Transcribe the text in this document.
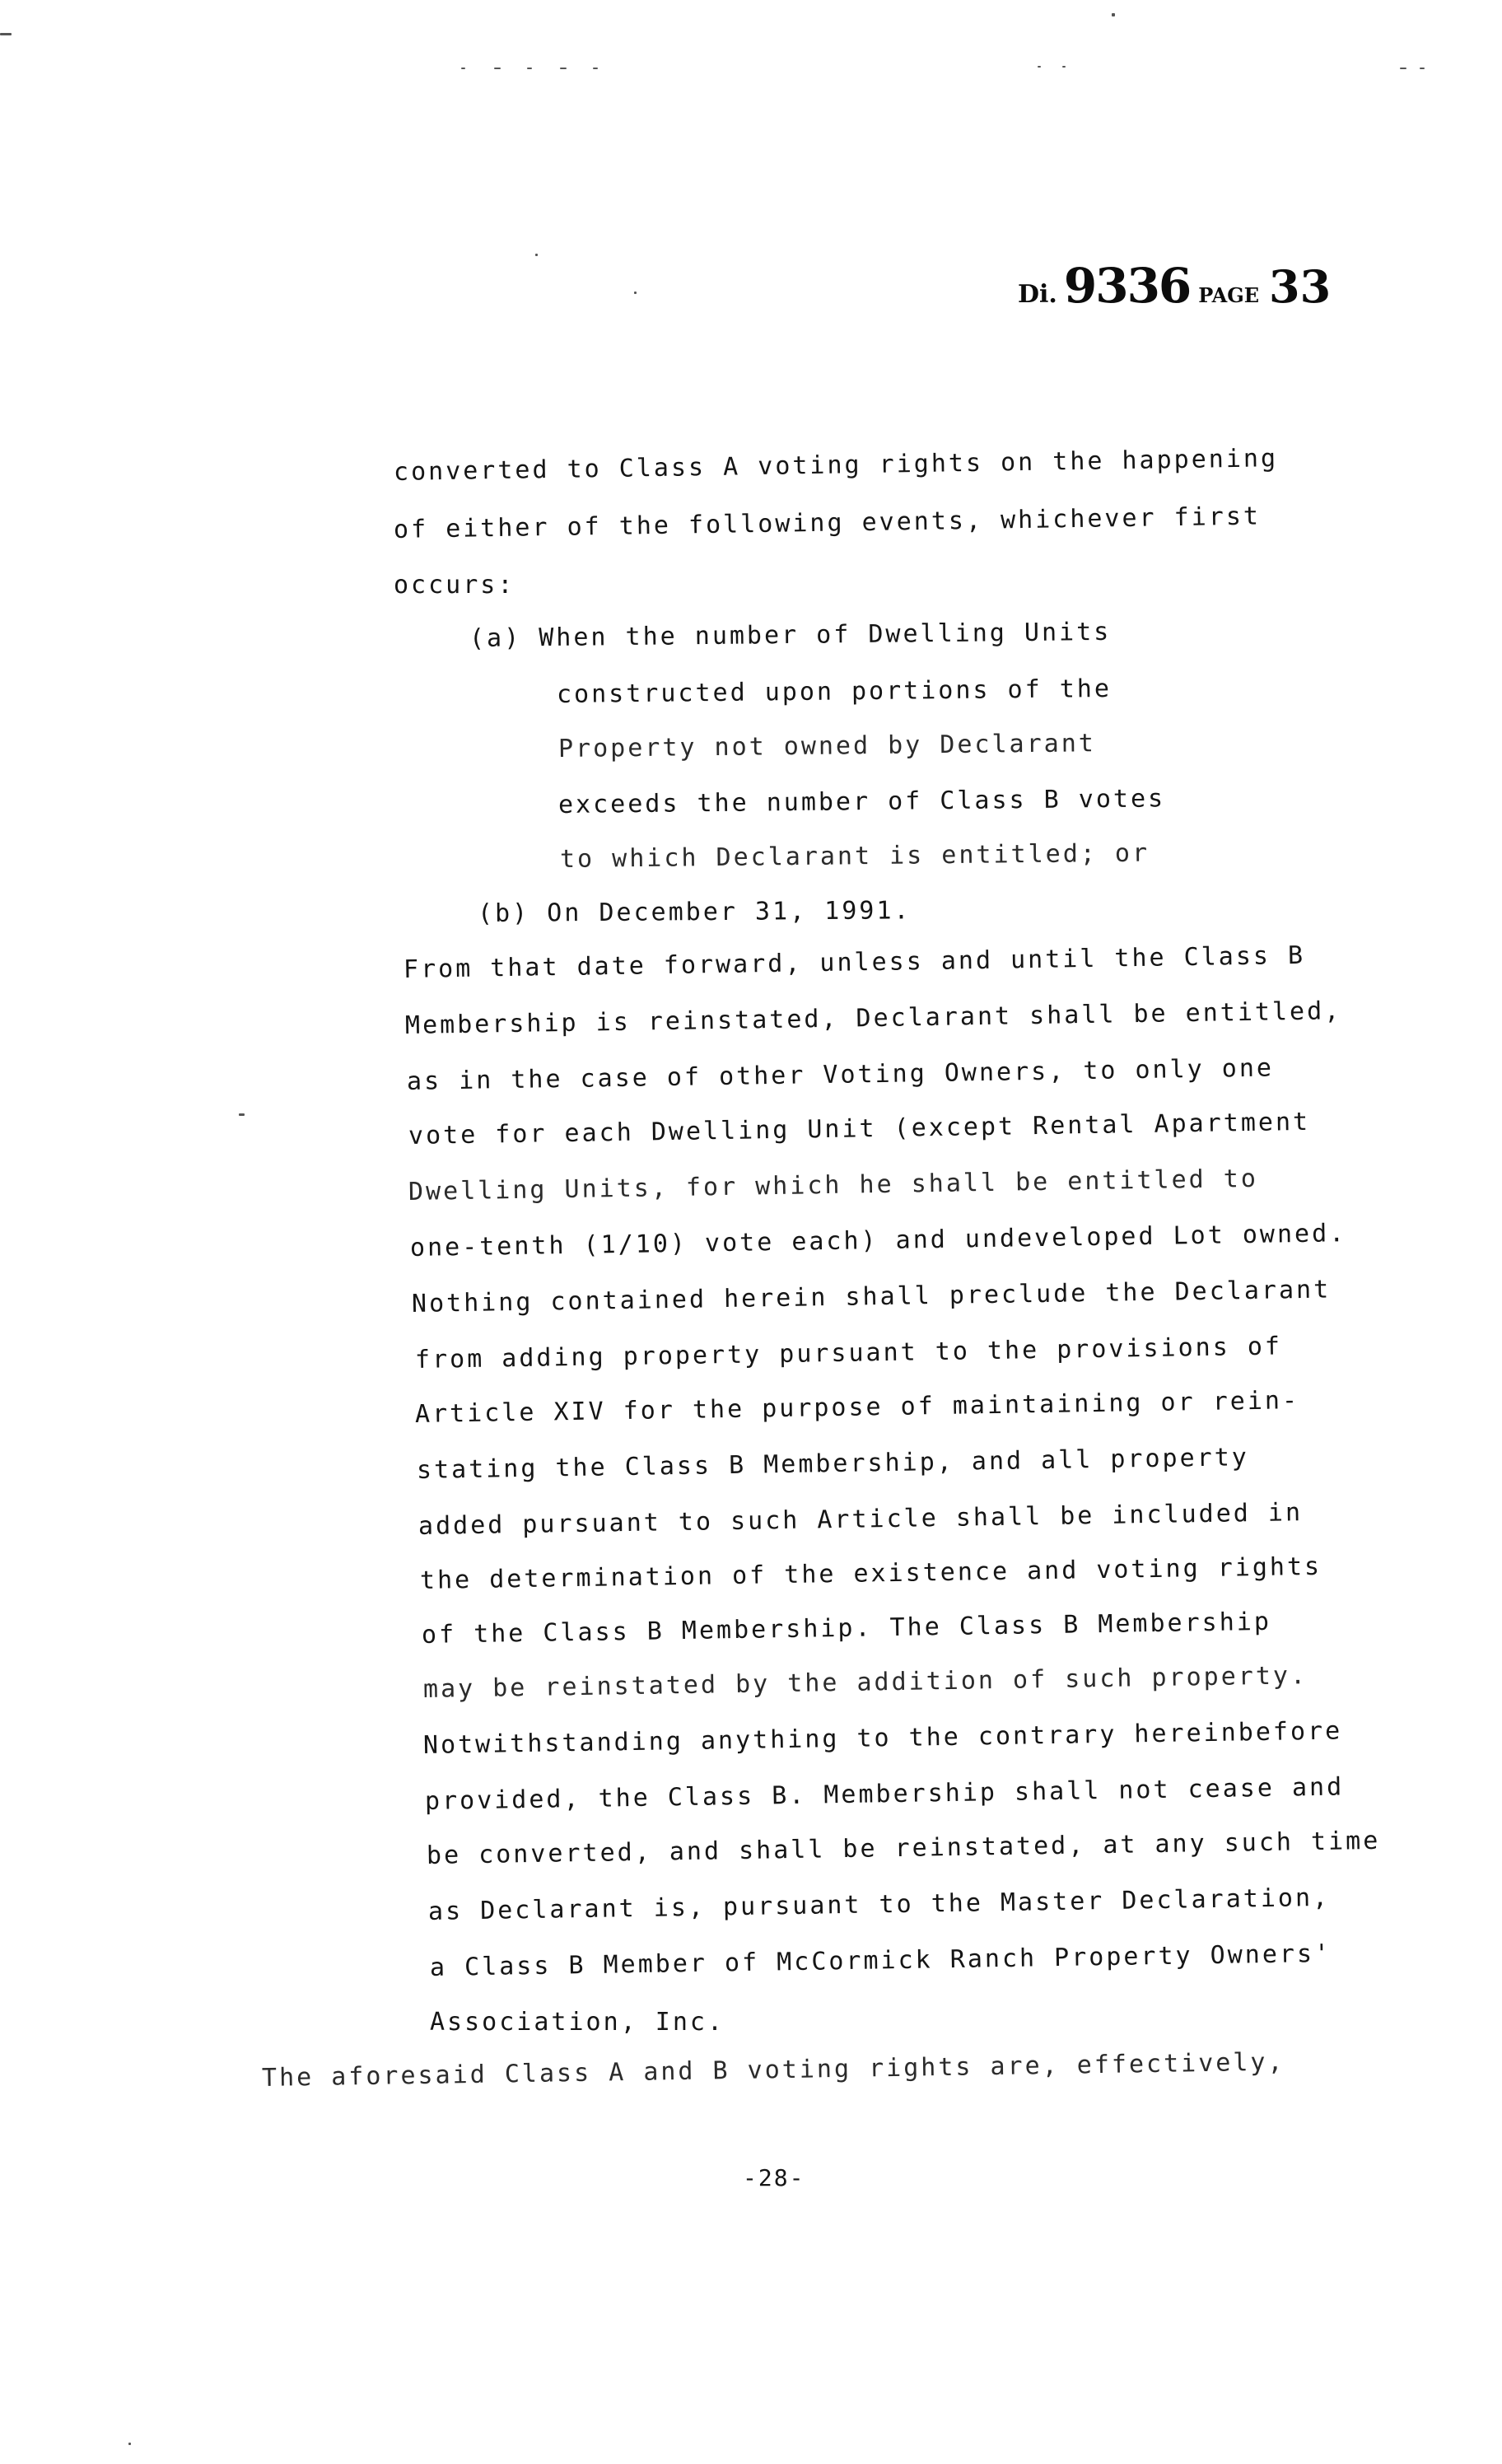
Di. 9336 PAGE 33
converted to Class A voting rights on the happening
of either of the following events, whichever first
occurs:
(a) When the number of Dwelling Units
constructed upon portions of the
Property not owned by Declarant
exceeds the number of Class B votes
to which Declarant is entitled; or
(b) On December 31, 1991.
From that date forward, unless and until the Class B
Membership is reinstated, Declarant shall be entitled,
as in the case of other Voting Owners, to only one
vote for each Dwelling Unit (except Rental Apartment
Dwelling Units, for which he shall be entitled to
one-tenth (1/10) vote each) and undeveloped Lot owned.
Nothing contained herein shall preclude the Declarant
from adding property pursuant to the provisions of
Article XIV for the purpose of maintaining or rein-
stating the Class B Membership, and all property
added pursuant to such Article shall be included in
the determination of the existence and voting rights
of the Class B Membership. The Class B Membership
may be reinstated by the addition of such property.
Notwithstanding anything to the contrary hereinbefore
provided, the Class B. Membership shall not cease and
be converted, and shall be reinstated, at any such time
as Declarant is, pursuant to the Master Declaration,
a Class B Member of McCormick Ranch Property Owners'
Association, Inc.
The aforesaid Class A and B voting rights are, effectively,
-28-
